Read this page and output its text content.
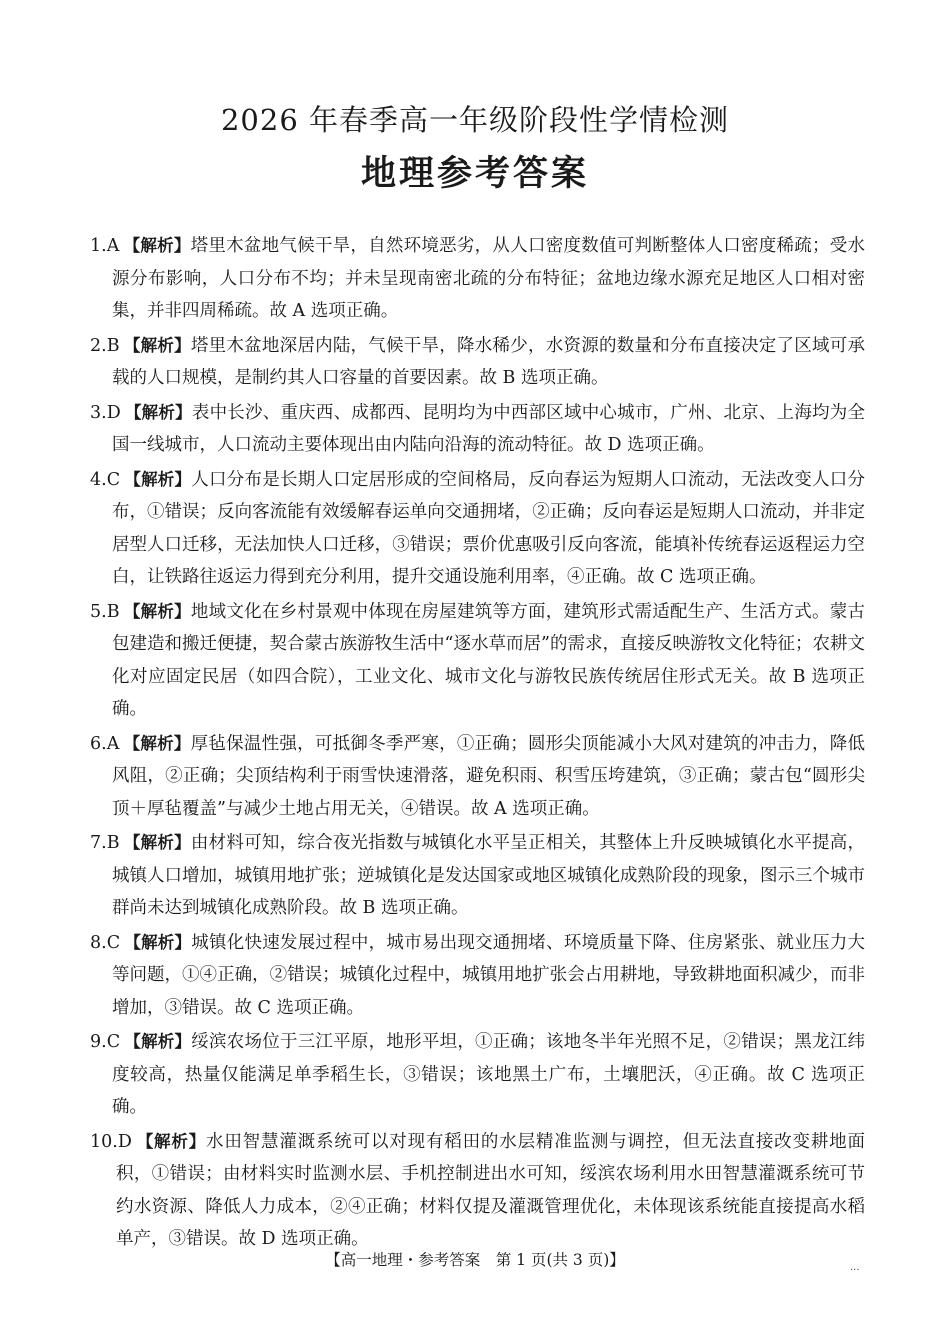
2026 年春季高一年级阶段性学情检测
地理参考答案
1.A 【解析】塔里木盆地气候干旱，自然环境恶劣，从人口密度数值可判断整体人口密度稀疏；受水源分布影响，人口分布不均；并未呈现南密北疏的分布特征；盆地边缘水源充足地区人口相对密集，并非四周稀疏。故 A 选项正确。
2.B 【解析】塔里木盆地深居内陆，气候干旱，降水稀少，水资源的数量和分布直接决定了区域可承载的人口规模，是制约其人口容量的首要因素。故 B 选项正确。
3.D 【解析】表中长沙、重庆西、成都西、昆明均为中西部区域中心城市，广州、北京、上海均为全国一线城市，人口流动主要体现出由内陆向沿海的流动特征。故 D 选项正确。
4.C 【解析】人口分布是长期人口定居形成的空间格局，反向春运为短期人口流动，无法改变人口分布，①错误；反向客流能有效缓解春运单向交通拥堵，②正确；反向春运是短期人口流动，并非定居型人口迁移，无法加快人口迁移，③错误；票价优惠吸引反向客流，能填补传统春运返程运力空白，让铁路往返运力得到充分利用，提升交通设施利用率，④正确。故 C 选项正确。
5.B 【解析】地域文化在乡村景观中体现在房屋建筑等方面，建筑形式需适配生产、生活方式。蒙古包建造和搬迁便捷，契合蒙古族游牧生活中“逐水草而居”的需求，直接反映游牧文化特征；农耕文化对应固定民居（如四合院），工业文化、城市文化与游牧民族传统居住形式无关。故 B 选项正确。
6.A 【解析】厚毡保温性强，可抵御冬季严寒，①正确；圆形尖顶能减小大风对建筑的冲击力，降低风阻，②正确；尖顶结构利于雨雪快速滑落，避免积雨、积雪压垮建筑，③正确；蒙古包“圆形尖顶＋厚毡覆盖”与减少土地占用无关，④错误。故 A 选项正确。
7.B 【解析】由材料可知，综合夜光指数与城镇化水平呈正相关，其整体上升反映城镇化水平提高，城镇人口增加，城镇用地扩张；逆城镇化是发达国家或地区城镇化成熟阶段的现象，图示三个城市群尚未达到城镇化成熟阶段。故 B 选项正确。
8.C 【解析】城镇化快速发展过程中，城市易出现交通拥堵、环境质量下降、住房紧张、就业压力大等问题，①④正确，②错误；城镇化过程中，城镇用地扩张会占用耕地，导致耕地面积减少，而非增加，③错误。故 C 选项正确。
9.C 【解析】绥滨农场位于三江平原，地形平坦，①正确；该地冬半年光照不足，②错误；黑龙江纬度较高，热量仅能满足单季稻生长，③错误；该地黑土广布，土壤肥沃，④正确。故 C 选项正确。
10.D 【解析】水田智慧灌溉系统可以对现有稻田的水层精准监测与调控，但无法直接改变耕地面积，①错误；由材料实时监测水层、手机控制进出水可知，绥滨农场利用水田智慧灌溉系统可节约水资源、降低人力成本，②④正确；材料仅提及灌溉管理优化，未体现该系统能直接提高水稻单产，③错误。故 D 选项正确。
【高一地理・参考答案　第 1 页(共 3 页)】	...
